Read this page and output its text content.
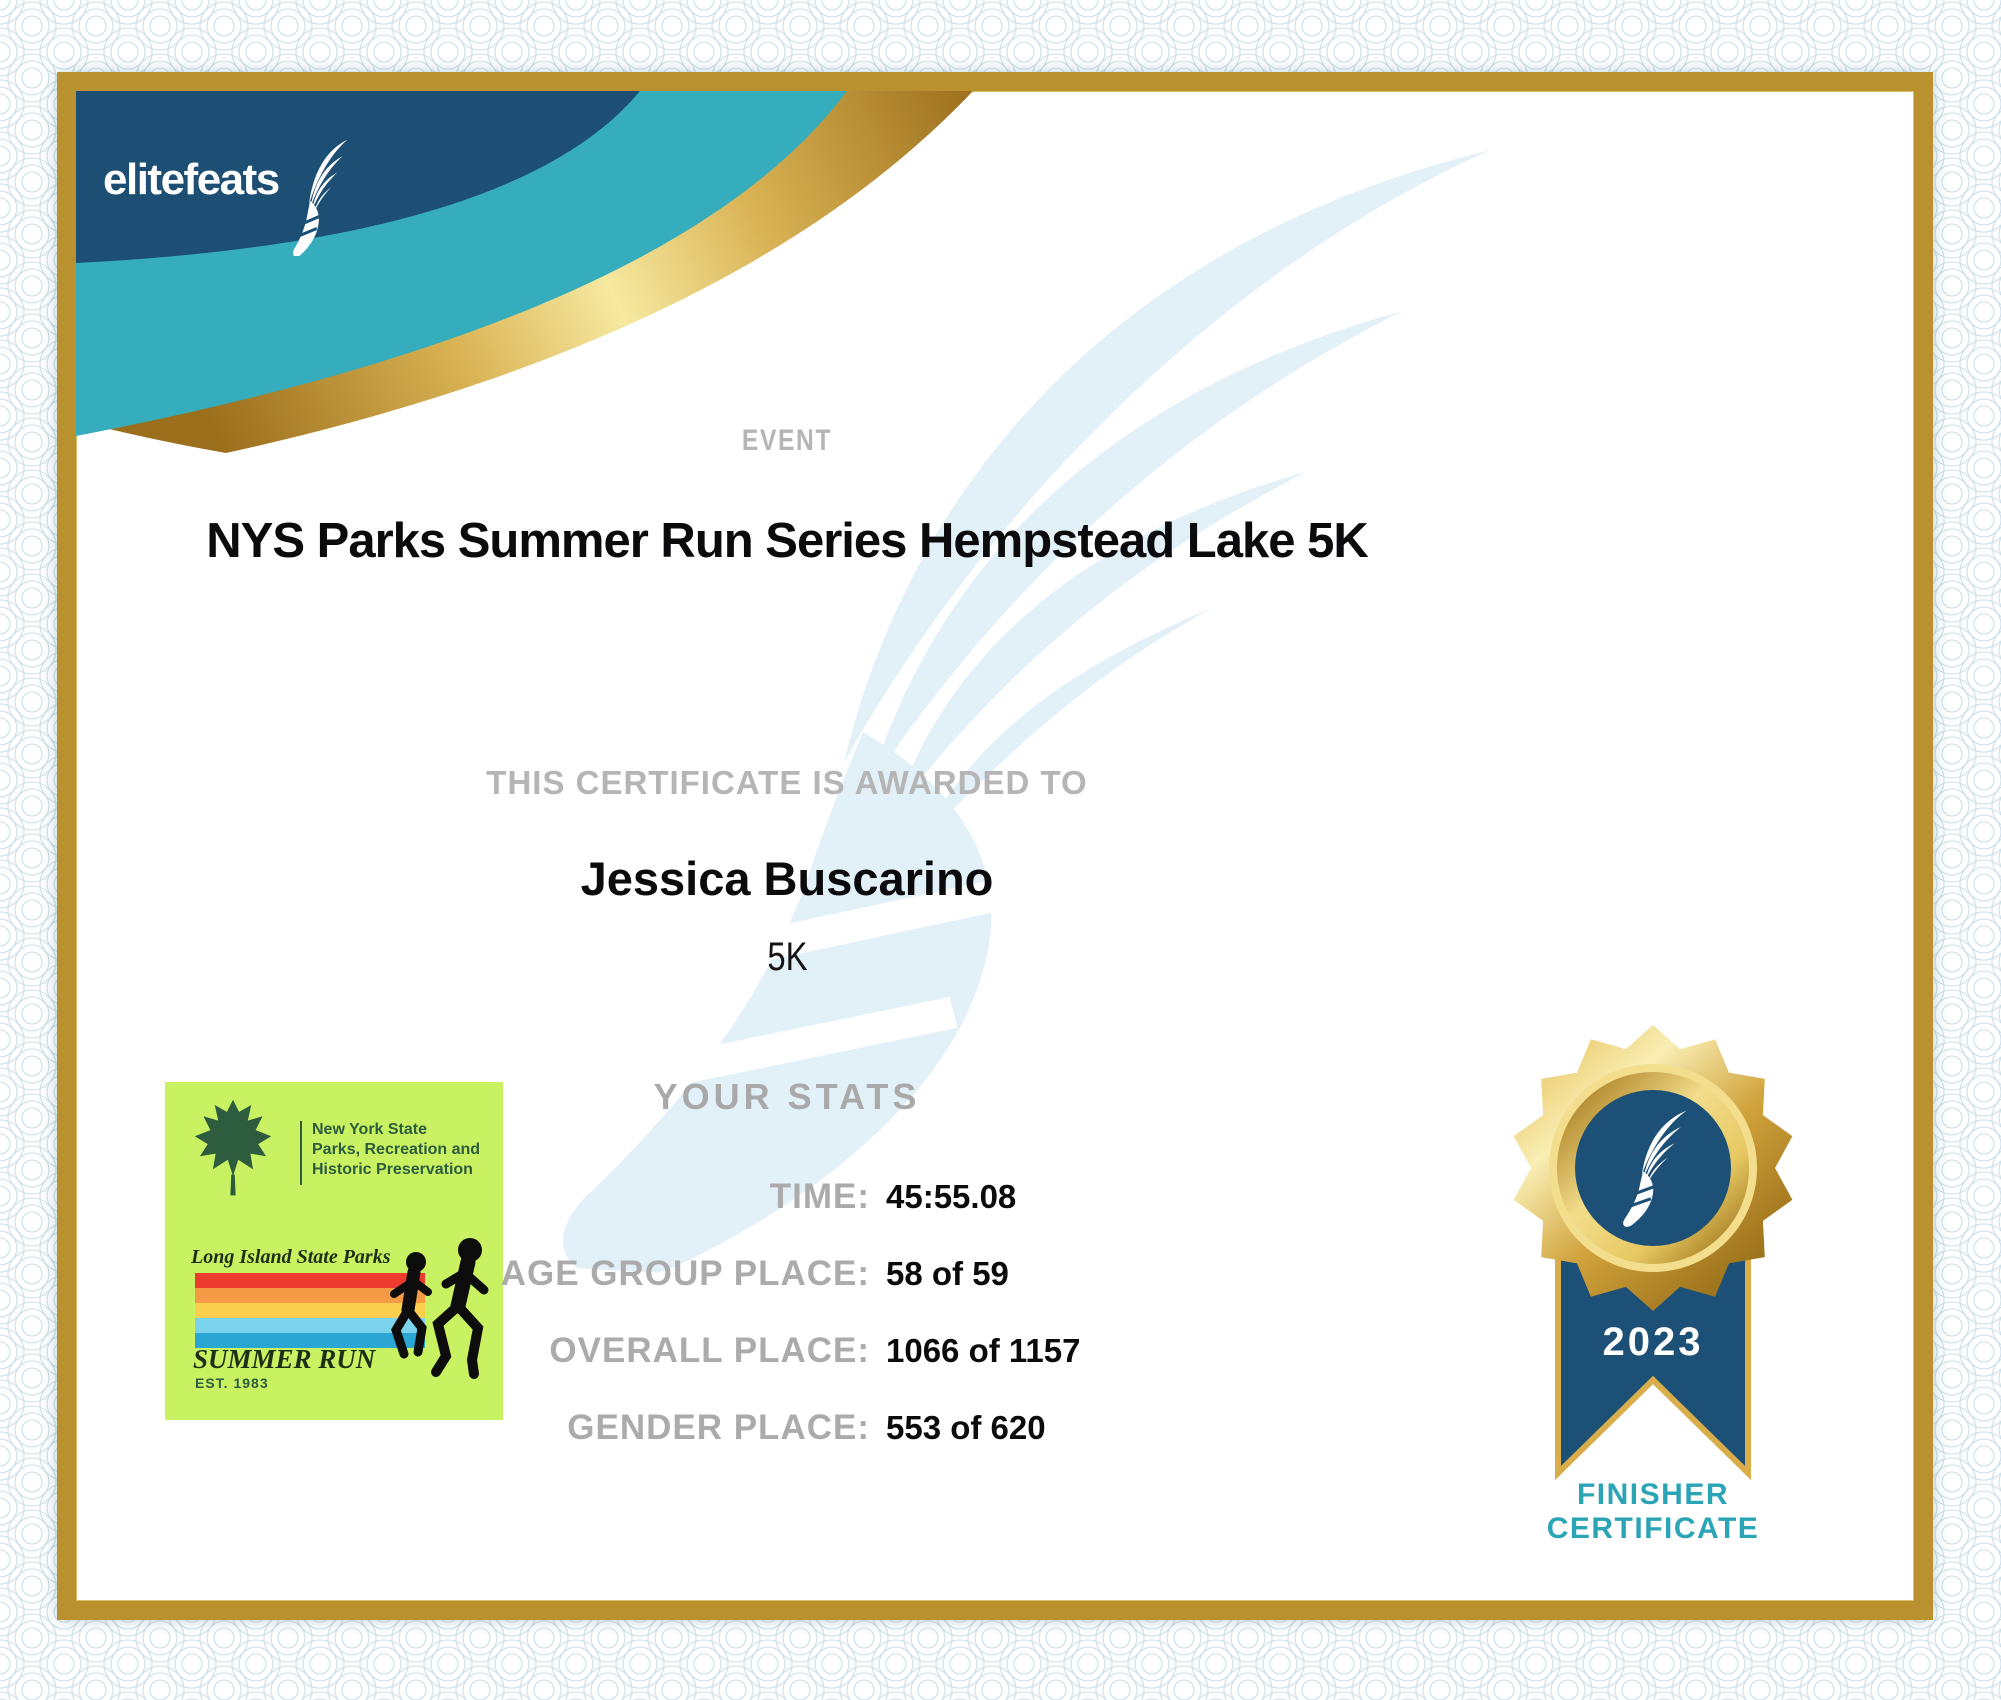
elitefeats
EVENT
NYS Parks Summer Run Series Hempstead Lake 5K
THIS CERTIFICATE IS AWARDED TO
Jessica Buscarino
5K
YOUR STATS
TIME: 45:55.08
AGE GROUP PLACE: 58 of 59
OVERALL PLACE: 1066 of 1157
GENDER PLACE: 553 of 620
New York State
Parks, Recreation and
Historic Preservation
Long Island State Parks
SUMMER RUN
EST. 1983
2023
FINISHER
CERTIFICATE
